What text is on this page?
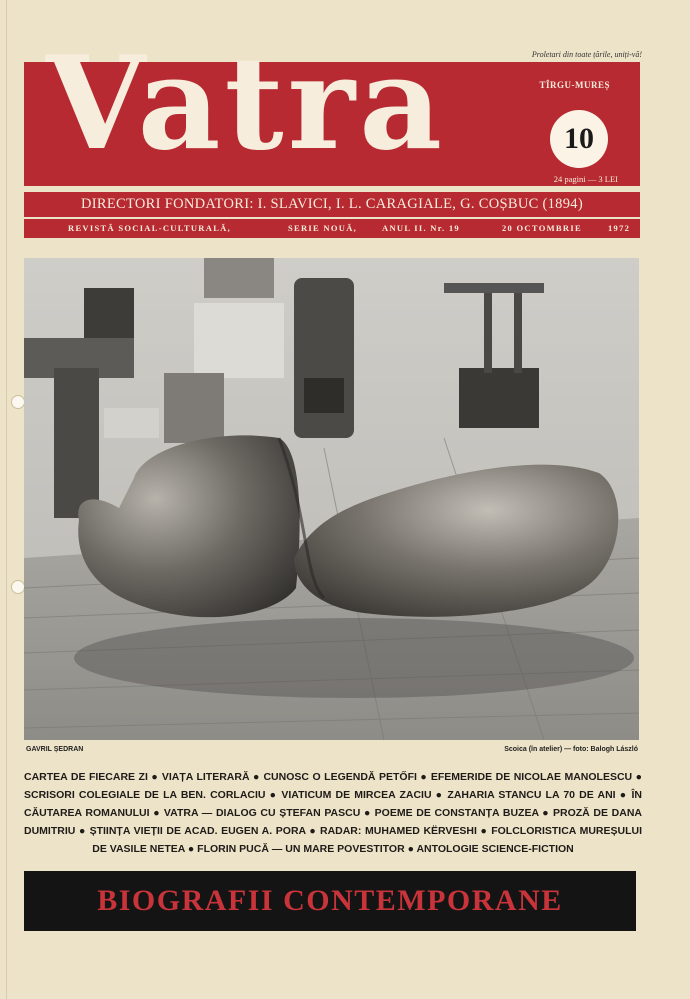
Proletari din toate țările, uniți-vă!
Vatra	TÎRGU-MUREȘ
10
24 pagini — 3 LEI
DIRECTORI FONDATORI: I. SLAVICI, I. L. CARAGIALE, G. COȘBUC (1894)
REVISTĂ SOCIAL-CULTURALĂ,	SERIE NOUĂ,	ANUL II. Nr. 19	20 OCTOMBRIE	1972
GAVRIL ȘEDRAN	Scoica (în atelier) — foto: Balogh László
CARTEA DE FIECARE ZI ● VIAȚA LITERARĂ ● CUNOSC O LEGENDĂ PETŐFI ● EFEMERIDE DE NICOLAE MANOLESCU ●
SCRISORI COLEGIALE DE LA BEN. CORLACIU ● VIATICUM DE MIRCEA ZACIU ● ZAHARIA STANCU LA 70 DE ANI ● ÎN
CĂUTAREA ROMANULUI ● VATRA — DIALOG CU ȘTEFAN PASCU ● POEME DE CONSTANȚA BUZEA ● PROZĂ DE DANA
DUMITRIU ● ȘTIINȚA VIEȚII DE ACAD. EUGEN A. PORA ● RADAR: MUHAMED KËRVESHI ● FOLCLORISTICA MUREȘULUI
DE VASILE NETEA ● FLORIN PUCĂ — UN MARE POVESTITOR ● ANTOLOGIE SCIENCE-FICTION
BIOGRAFII CONTEMPORANE
